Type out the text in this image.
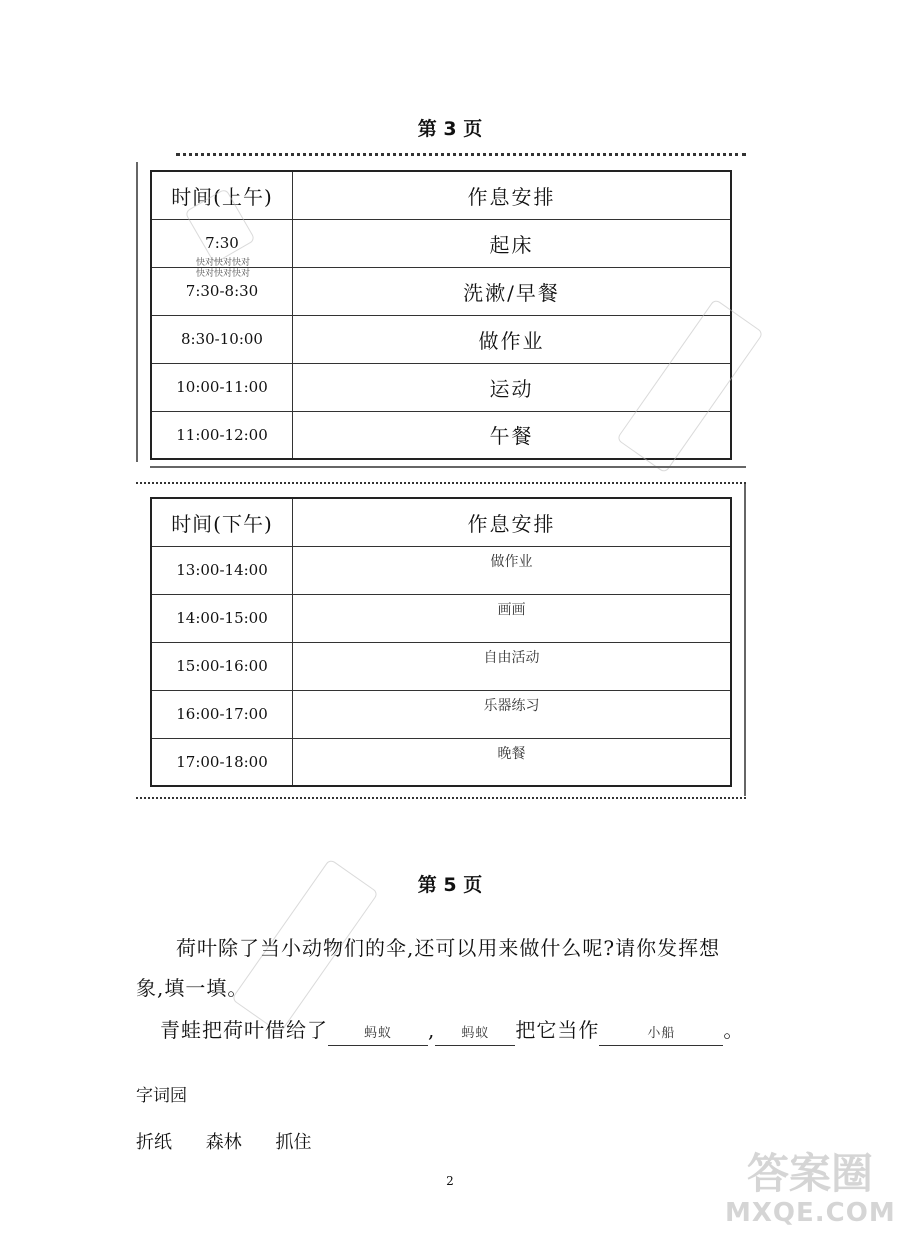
第 3 页
时间(上午)	作息安排
7:30	起床
7:30-8:30	洗漱/早餐
8:30-10:00	做作业
10:00-11:00	运动
11:00-12:00	午餐
快对快对快对
快对快对快对
时间(下午)	作息安排
13:00-14:00	做作业
14:00-15:00	画画
15:00-16:00	自由活动
16:00-17:00	乐器练习
17:00-18:00	晚餐
第 5 页
荷叶除了当小动物们的伞,还可以用来做什么呢?请你发挥想象,填一填。
青蛙把荷叶借给了	蚂蚁 , 蚂蚁 把它当作	小船 。
字词园
折纸 森林 抓住
2	答案圈
MXQE.COM
